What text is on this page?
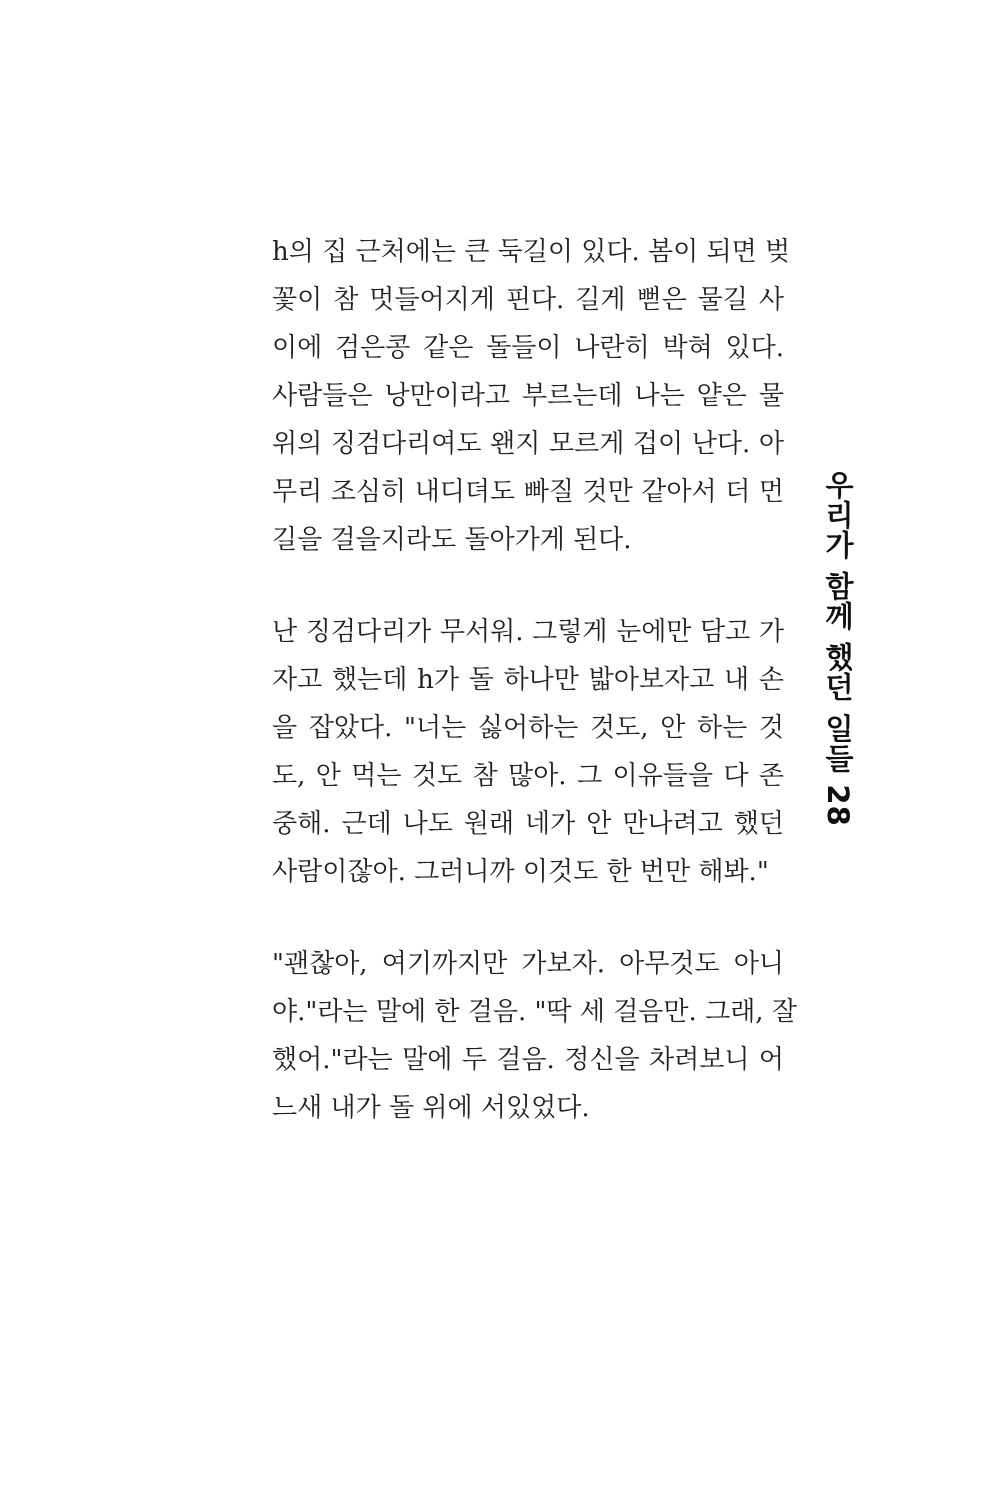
h의 집 근처에는 큰 둑길이 있다. 봄이 되면 벚
꽃이 참 멋들어지게 핀다. 길게 뻗은 물길 사
이에 검은콩 같은 돌들이 나란히 박혀 있다.
사람들은 낭만이라고 부르는데 나는 얕은 물
위의 징검다리여도 왠지 모르게 겁이 난다. 아
무리 조심히 내디뎌도 빠질 것만 같아서 더 먼
길을 걸을지라도 돌아가게 된다.

난 징검다리가 무서워. 그렇게 눈에만 담고 가
자고 했는데 h가 돌 하나만 밟아보자고 내 손
을 잡았다. "너는 싫어하는 것도, 안 하는 것
도, 안 먹는 것도 참 많아. 그 이유들을 다 존
중해. 근데 나도 원래 네가 안 만나려고 했던
사람이잖아. 그러니까 이것도 한 번만 해봐."

"괜찮아, 여기까지만 가보자. 아무것도 아니
야."라는 말에 한 걸음. "딱 세 걸음만. 그래, 잘
했어."라는 말에 두 걸음. 정신을 차려보니 어
느새 내가 돌 위에 서있었다.

우리가 함께 했던 일들 28
